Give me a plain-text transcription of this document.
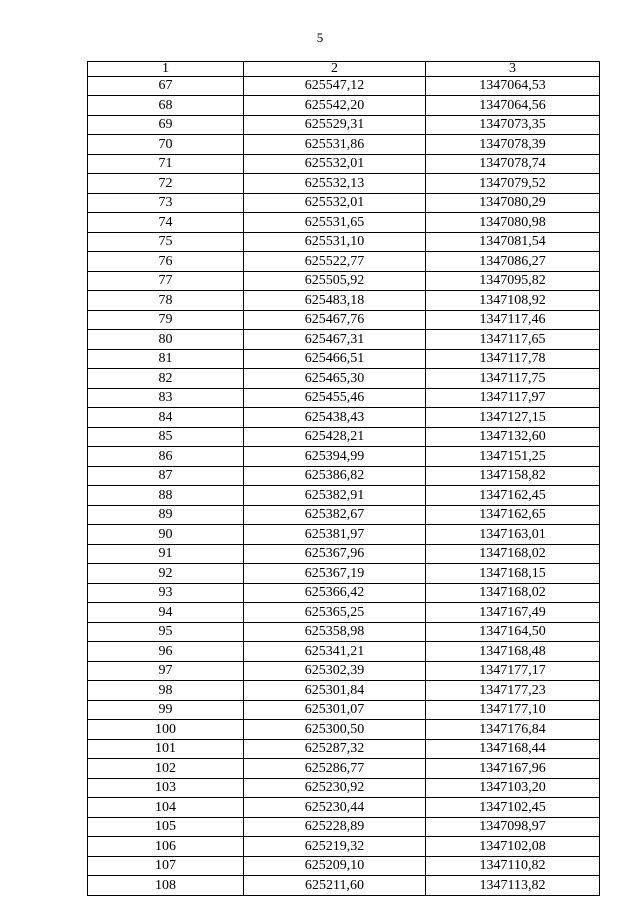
5
1	2	3
67	625547,12	1347064,53
68	625542,20	1347064,56
69	625529,31	1347073,35
70	625531,86	1347078,39
71	625532,01	1347078,74
72	625532,13	1347079,52
73	625532,01	1347080,29
74	625531,65	1347080,98
75	625531,10	1347081,54
76	625522,77	1347086,27
77	625505,92	1347095,82
78	625483,18	1347108,92
79	625467,76	1347117,46
80	625467,31	1347117,65
81	625466,51	1347117,78
82	625465,30	1347117,75
83	625455,46	1347117,97
84	625438,43	1347127,15
85	625428,21	1347132,60
86	625394,99	1347151,25
87	625386,82	1347158,82
88	625382,91	1347162,45
89	625382,67	1347162,65
90	625381,97	1347163,01
91	625367,96	1347168,02
92	625367,19	1347168,15
93	625366,42	1347168,02
94	625365,25	1347167,49
95	625358,98	1347164,50
96	625341,21	1347168,48
97	625302,39	1347177,17
98	625301,84	1347177,23
99	625301,07	1347177,10
100	625300,50	1347176,84
101	625287,32	1347168,44
102	625286,77	1347167,96
103	625230,92	1347103,20
104	625230,44	1347102,45
105	625228,89	1347098,97
106	625219,32	1347102,08
107	625209,10	1347110,82
108	625211,60	1347113,82
